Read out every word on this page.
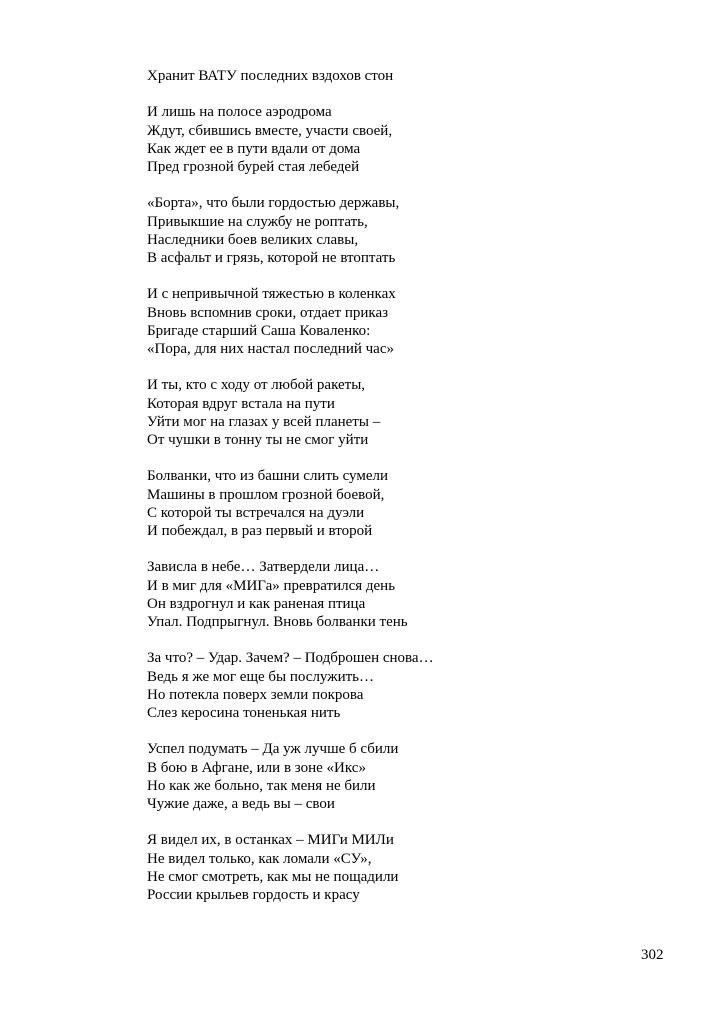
Хранит ВАТУ последних вздохов стон
И лишь на полосе аэродрома
Ждут, сбившись вместе, участи своей,
Как ждет ее в пути вдали от дома
Пред грозной бурей стая лебедей
«Борта», что были гордостью державы,
Привыкшие на службу не роптать,
Наследники боев великих славы,
В асфальт и грязь, которой не втоптать
И с непривычной тяжестью в коленках
Вновь вспомнив сроки, отдает приказ
Бригаде старший Саша Коваленко:
«Пора, для них настал последний час»
И ты, кто с ходу от любой ракеты,
Которая вдруг встала на пути
Уйти мог на глазах у всей планеты –
От чушки в тонну ты не смог уйти
Болванки, что из башни слить сумели
Машины в прошлом грозной боевой,
С которой ты встречался на дуэли
И побеждал, в раз первый и второй
Зависла в небе… Затвердели лица…
И в миг для «МИГа» превратился день
Он вздрогнул и как раненая птица
Упал. Подпрыгнул. Вновь болванки тень
За что? – Удар. Зачем? – Подброшен снова…
Ведь я же мог еще бы послужить…
Но потекла поверх земли покрова
Слез керосина тоненькая нить
Успел подумать – Да уж лучше б сбили
В бою в Афгане, или в зоне «Икс»
Но как же больно, так меня не били
Чужие даже, а ведь вы – свои
Я видел их, в останках – МИГи МИЛи
Не видел только, как ломали «СУ»,
Не смог смотреть, как мы не пощадили
России крыльев гордость и красу
302
